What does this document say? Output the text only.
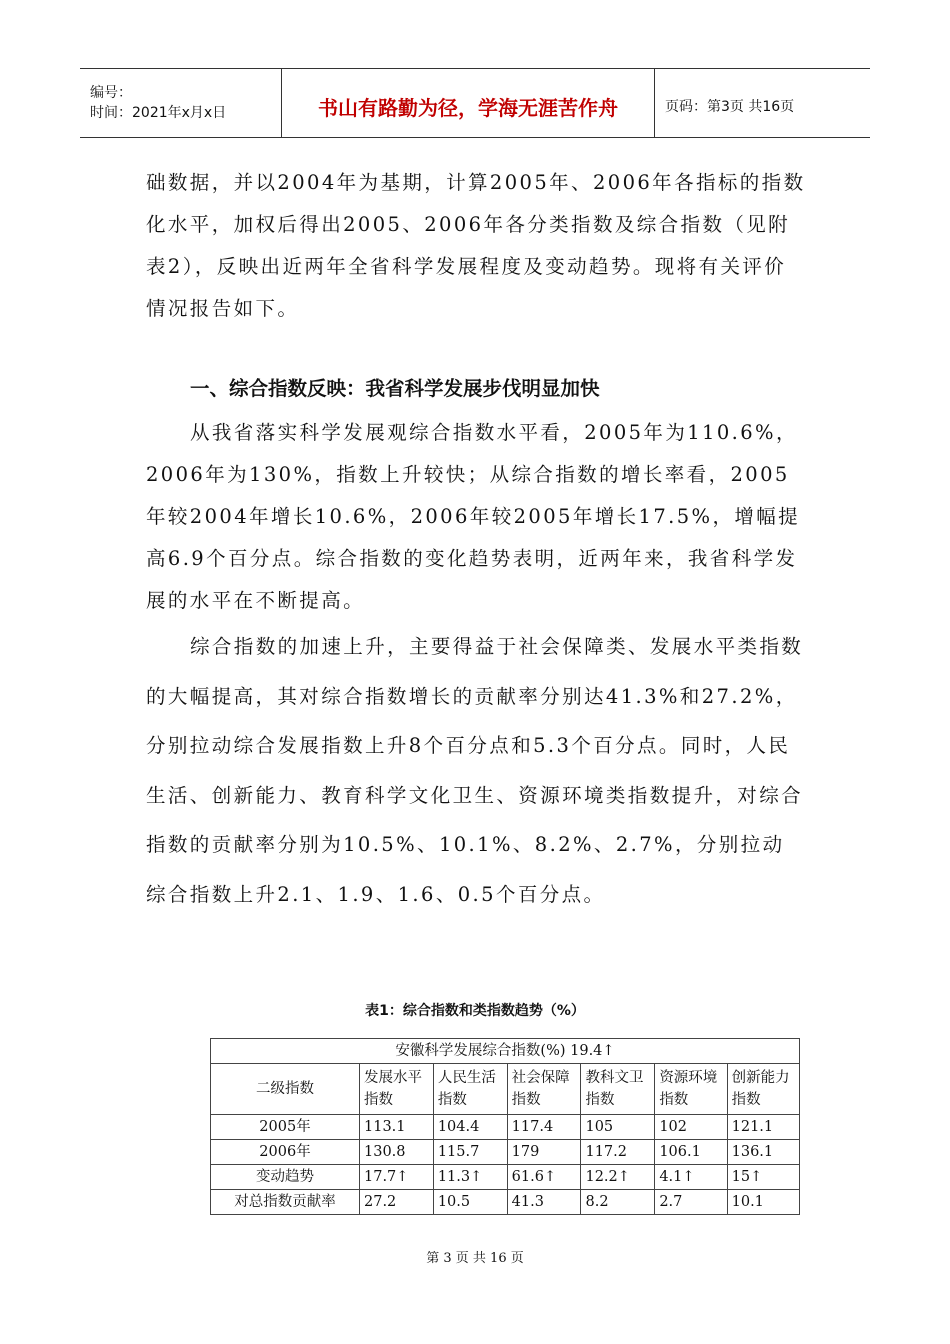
编号：
时间：2021年x月x日	书山有路勤为径，学海无涯苦作舟	页码：第3页 共16页

础数据，并以2004年为基期，计算2005年、2006年各指标的指数化水平，加权后得出2005、2006年各分类指数及综合指数（见附表2），反映出近两年全省科学发展程度及变动趋势。现将有关评价情况报告如下。

一、综合指数反映：我省科学发展步伐明显加快

从我省落实科学发展观综合指数水平看，2005年为110.6%，2006年为130%，指数上升较快；从综合指数的增长率看，2005年较2004年增长10.6%，2006年较2005年增长17.5%，增幅提高6.9个百分点。综合指数的变化趋势表明，近两年来，我省科学发展的水平在不断提高。

综合指数的加速上升，主要得益于社会保障类、发展水平类指数的大幅提高，其对综合指数增长的贡献率分别达41.3%和27.2%，分别拉动综合发展指数上升8个百分点和5.3个百分点。同时，人民生活、创新能力、教育科学文化卫生、资源环境类指数提升，对综合指数的贡献率分别为10.5%、10.1%、8.2%、2.7%，分别拉动综合指数上升2.1、1.9、1.6、0.5个百分点。

表1：综合指数和类指数趋势（%）
安徽科学发展综合指数(%) 19.4↑						
二级指数	发展水平指数	人民生活指数	社会保障指数	教科文卫指数	资源环境指数	创新能力指数
2005年	113.1	104.4	117.4	105	102	121.1
2006年	130.8	115.7	179	117.2	106.1	136.1
变动趋势	17.7↑	11.3↑	61.6↑	12.2↑	4.1↑	15↑
对总指数贡献率	27.2	10.5	41.3	8.2	2.7	10.1
第 3 页 共 16 页
